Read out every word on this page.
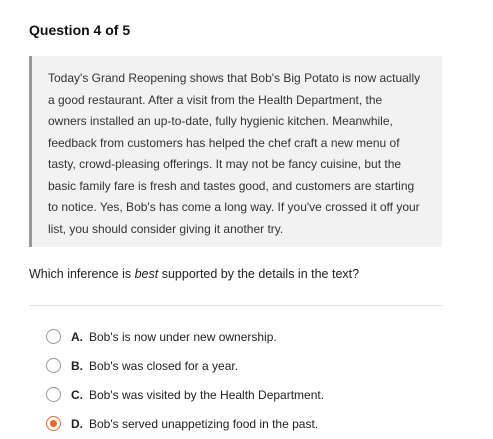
Question 4 of 5

Today's Grand Reopening shows that Bob's Big Potato is now actually a good restaurant. After a visit from the Health Department, the owners installed an up-to-date, fully hygienic kitchen. Meanwhile, feedback from customers has helped the chef craft a new menu of tasty, crowd-pleasing offerings. It may not be fancy cuisine, but the basic family fare is fresh and tastes good, and customers are starting to notice. Yes, Bob's has come a long way. If you've crossed it off your list, you should consider giving it another try.

Which inference is best supported by the details in the text?

A. Bob's is now under new ownership.
B. Bob's was closed for a year.
C. Bob's was visited by the Health Department.
D. Bob's served unappetizing food in the past.
